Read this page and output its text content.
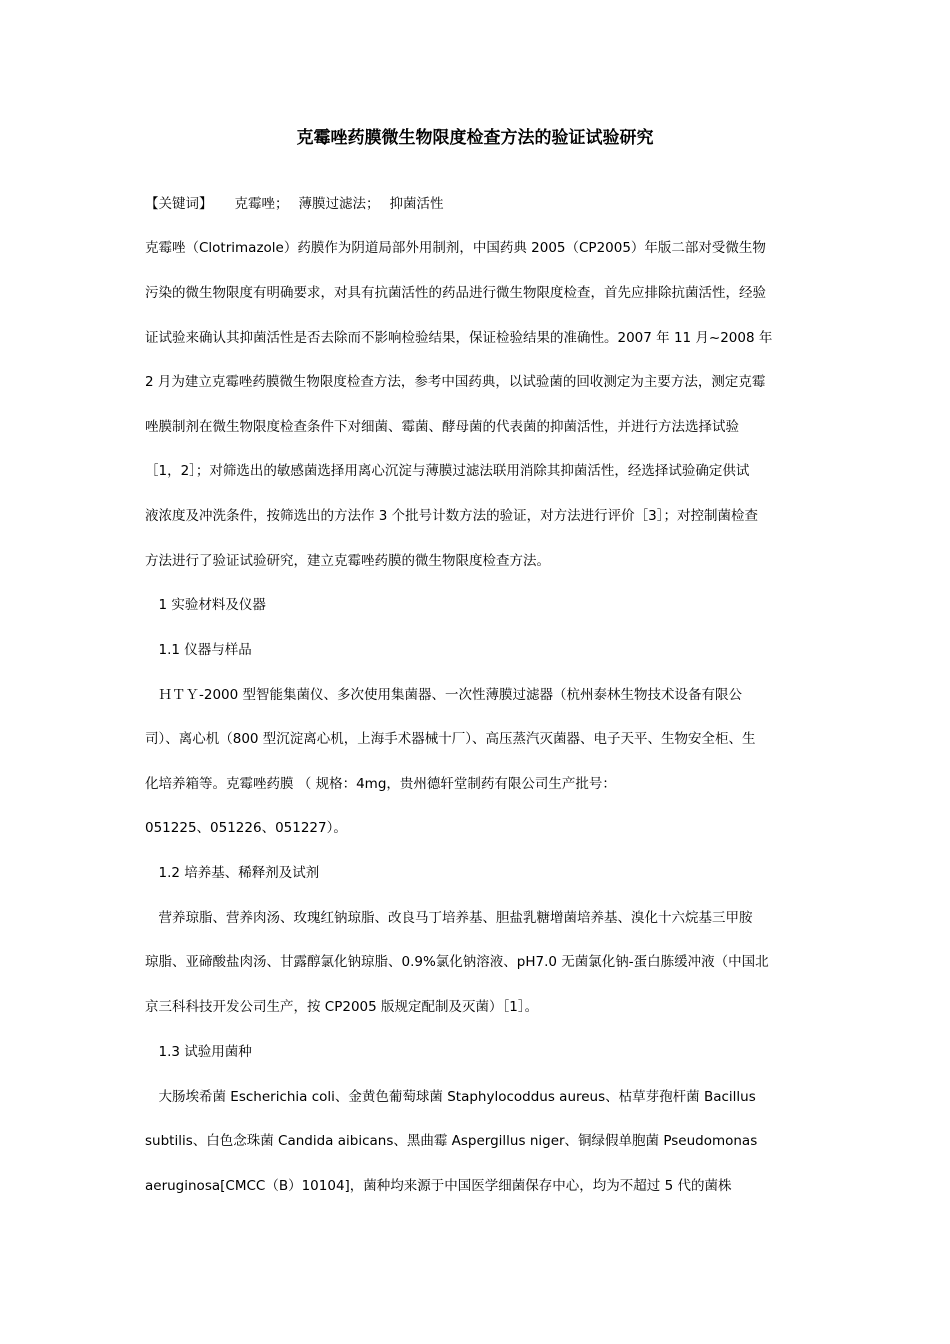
克霉唑药膜微生物限度检查方法的验证试验研究
【关键词】 克霉唑； 薄膜过滤法； 抑菌活性
克霉唑（Clotrimazole）药膜作为阴道局部外用制剂，中国药典 2005（CP2005）年版二部对受微生物
污染的微生物限度有明确要求，对具有抗菌活性的药品进行微生物限度检查，首先应排除抗菌活性，经验
证试验来确认其抑菌活性是否去除而不影响检验结果，保证检验结果的准确性。2007 年 11 月~2008 年
2 月为建立克霉唑药膜微生物限度检查方法，参考中国药典，以试验菌的回收测定为主要方法，测定克霉
唑膜制剂在微生物限度检查条件下对细菌、霉菌、酵母菌的代表菌的抑菌活性，并进行方法选择试验
［1，2］；对筛选出的敏感菌选择用离心沉淀与薄膜过滤法联用消除其抑菌活性，经选择试验确定供试
液浓度及冲洗条件，按筛选出的方法作 3 个批号计数方法的验证，对方法进行评价［3］；对控制菌检查
方法进行了验证试验研究，建立克霉唑药膜的微生物限度检查方法。
　1 实验材料及仪器
　1.1 仪器与样品
　ＨＴＹ-2000 型智能集菌仪、多次使用集菌器、一次性薄膜过滤器（杭州泰林生物技术设备有限公
司）、离心机（800 型沉淀离心机，上海手术器械十厂）、高压蒸汽灭菌器、电子天平、生物安全柜、生
化培养箱等。克霉唑药膜 （ 规格：4mg，贵州德轩堂制药有限公司生产批号：
051225、051226、051227）。
　1.2 培养基、稀释剂及试剂
　营养琼脂、营养肉汤、玫瑰红钠琼脂、改良马丁培养基、胆盐乳糖增菌培养基、溴化十六烷基三甲胺
琼脂、亚碲酸盐肉汤、甘露醇氯化钠琼脂、0.9%氯化钠溶液、pH7.0 无菌氯化钠-蛋白胨缓冲液（中国北
京三科科技开发公司生产，按 CP2005 版规定配制及灭菌）［1］。
　1.3 试验用菌种
　大肠埃希菌 Escherichia coli、金黄色葡萄球菌 Staphylocoddus aureus、枯草芽孢杆菌 Bacillus
subtilis、白色念珠菌 Candida aibicans、黑曲霉 Aspergillus niger、铜绿假单胞菌 Pseudomonas
aeruginosa[CMCC（B）10104]，菌种均来源于中国医学细菌保存中心，均为不超过 5 代的菌株
